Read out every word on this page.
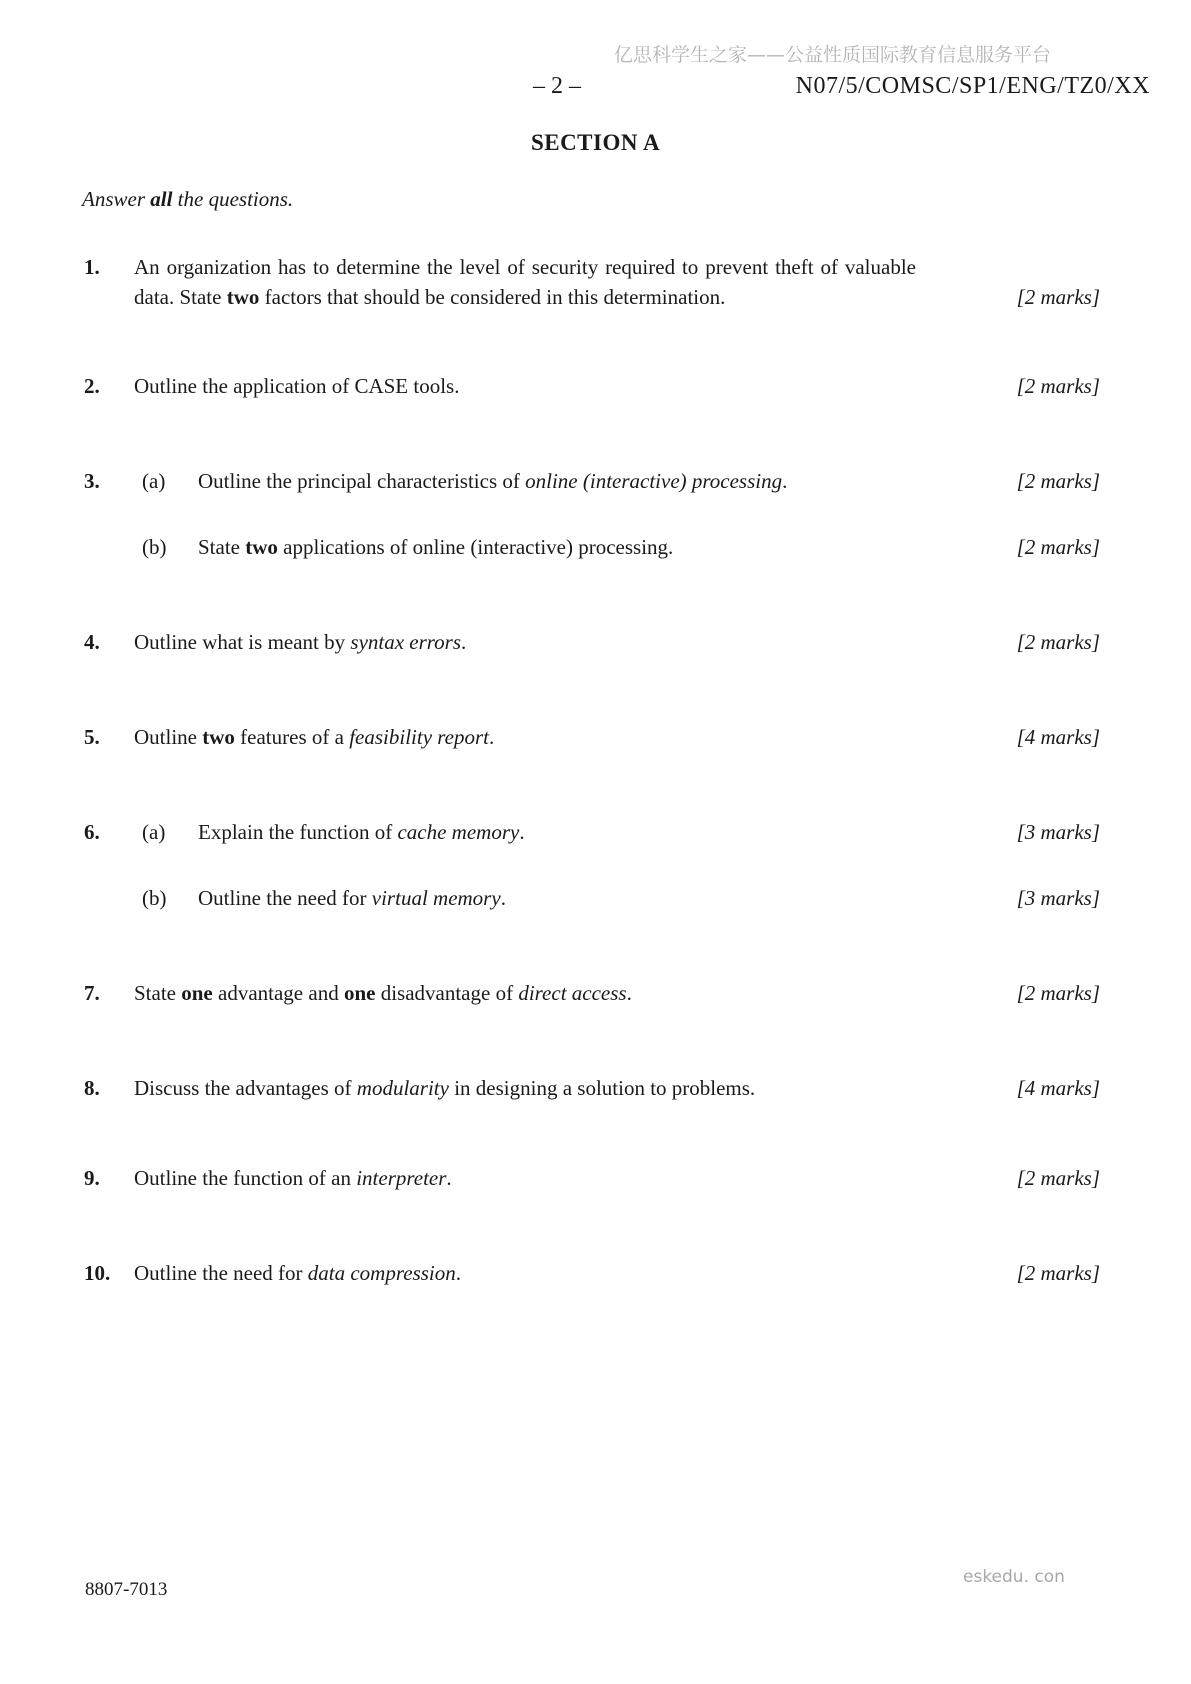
亿思科学生之家——公益性质国际教育信息服务平台
– 2 –	N07/5/COMSC/SP1/ENG/TZ0/XX
SECTION A

Answer all the questions.

1. An organization has to determine the level of security required to prevent theft of valuable data. State two factors that should be considered in this determination.	[2 marks]
2. Outline the application of CASE tools.	[2 marks]
3. (a) Outline the principal characteristics of online (interactive) processing.	[2 marks]
(b) State two applications of online (interactive) processing.	[2 marks]
4. Outline what is meant by syntax errors.	[2 marks]
5. Outline two features of a feasibility report.	[4 marks]
6. (a) Explain the function of cache memory.	[3 marks]
(b) Outline the need for virtual memory.	[3 marks]
7. State one advantage and one disadvantage of direct access.	[2 marks]
8. Discuss the advantages of modularity in designing a solution to problems.	[4 marks]
9. Outline the function of an interpreter.	[2 marks]
10. Outline the need for data compression.	[2 marks]
8807-7013
eskedu. con
